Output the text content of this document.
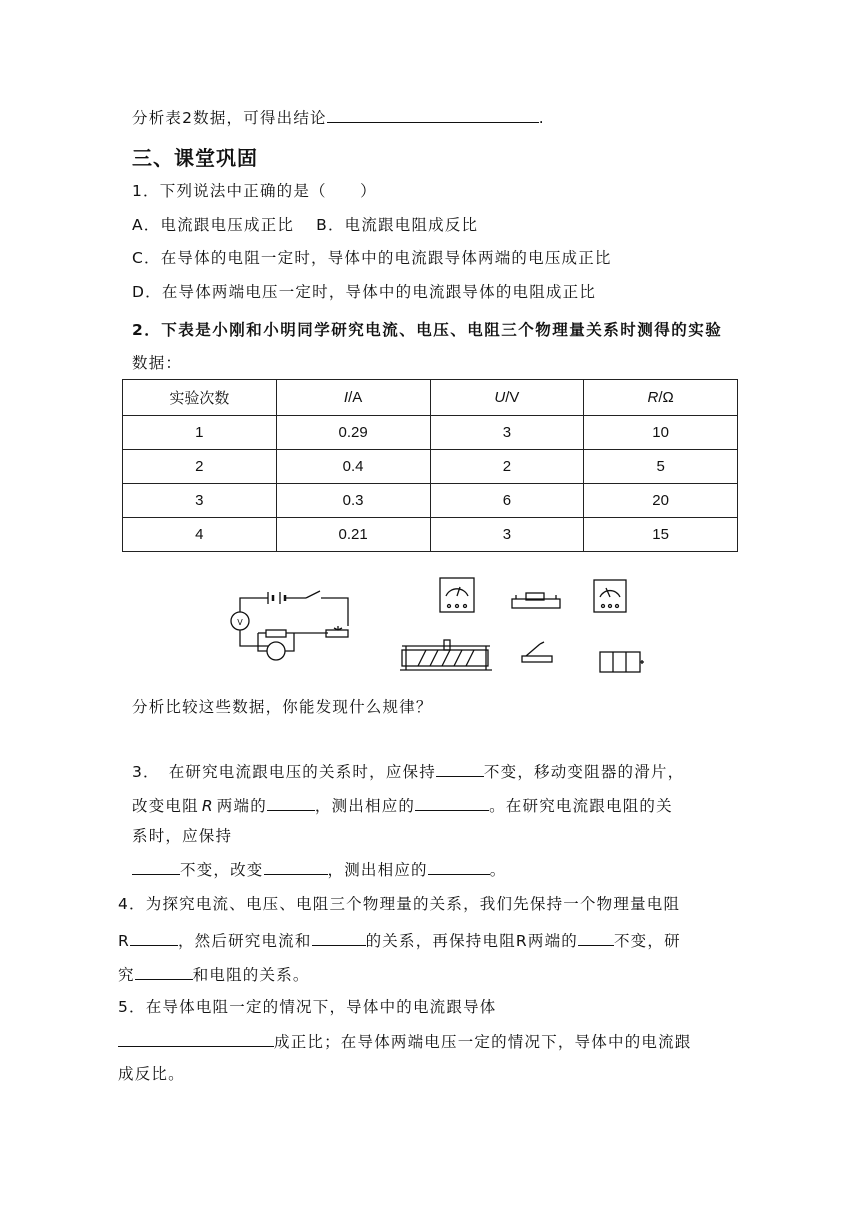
分析表2数据，可得出结论	.
三、课堂巩固
1．下列说法中正确的是（　　）
A．电流跟电压成正比 B．电流跟电阻成反比
C．在导体的电阻一定时，导体中的电流跟导体两端的电压成正比
D．在导体两端电压一定时，导体中的电流跟导体的电阻成正比
2．下表是小刚和小明同学研究电流、电压、电阻三个物理量关系时测得的实验
数据：
实验次数	I/A	U/V	R/Ω
1	0.29	3	10
2	0.4	2	5
3	0.3	6	20
4	0.21	3	15
V
分析比较这些数据，你能发现什么规律？
3．　在研究电流跟电压的关系时，应保持	不变，移动变阻器的滑片，
改变电阻 R 两端的	，测出相应的	。在研究电流跟电阻的关
系时，应保持
不变，改变	，测出相应的	。
4．为探究电流、电压、电阻三个物理量的关系，我们先保持一个物理量电阻
R	，然后研究电流和	的关系，再保持电阻R两端的 不变，研
究	和电阻的关系。
5．在导体电阻一定的情况下，导体中的电流跟导体
成正比；在导体两端电压一定的情况下，导体中的电流跟
成反比。
